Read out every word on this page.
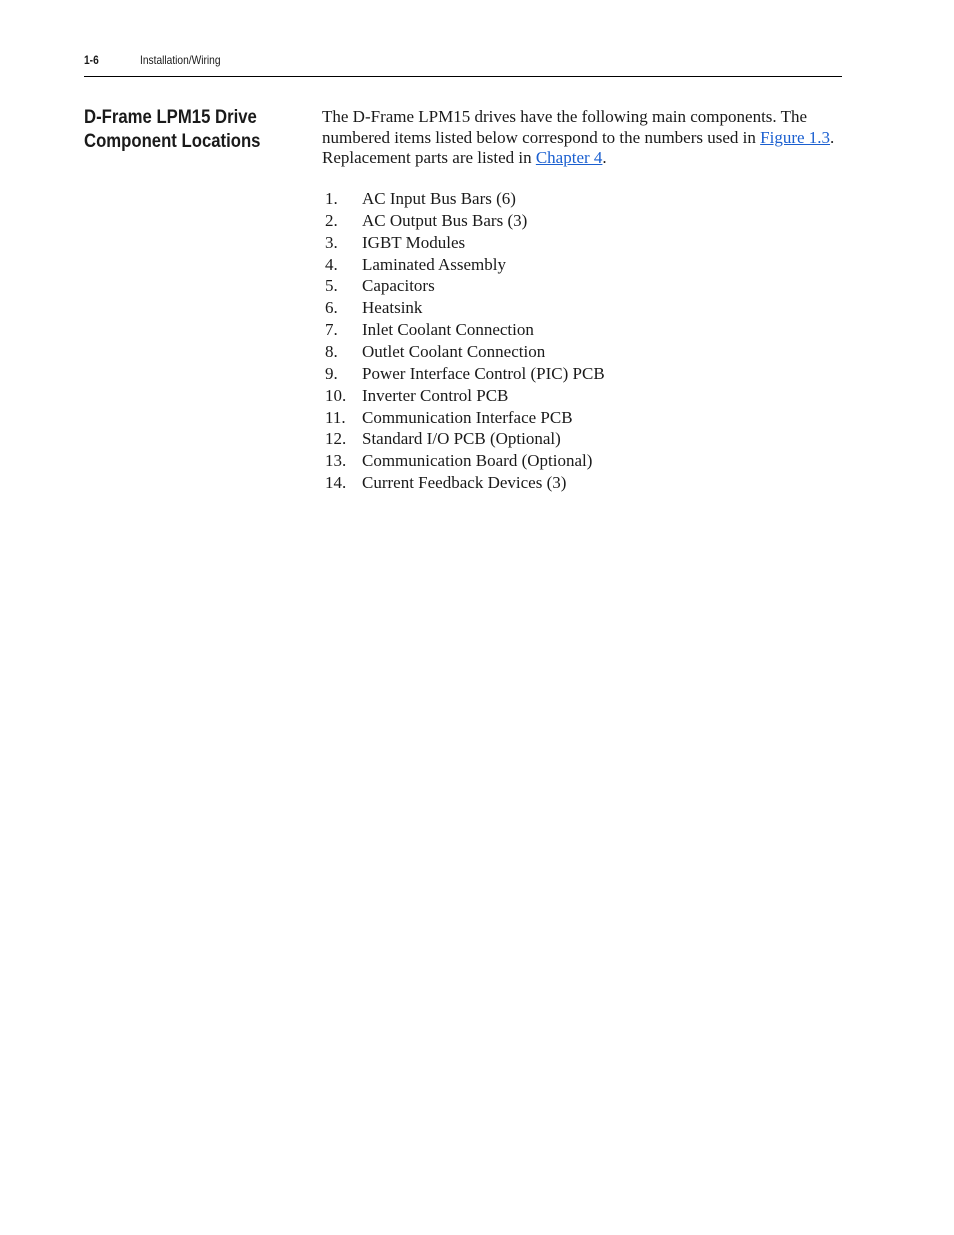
1-6	Installation/Wiring
D-Frame LPM15 Drive
Component Locations

The D-Frame LPM15 drives have the following main components. The

numbered items listed below correspond to the numbers used in Figure 1.3.

Replacement parts are listed in Chapter 4.

1.	AC Input Bus Bars (6)
2.	AC Output Bus Bars (3)
3.	IGBT Modules
4.	Laminated Assembly
5.	Capacitors
6.	Heatsink
7.	Inlet Coolant Connection
8.	Outlet Coolant Connection
9.	Power Interface Control (PIC) PCB
10. Inverter Control PCB
11. Communication Interface PCB
12. Standard I/O PCB (Optional)
13. Communication Board (Optional)
14. Current Feedback Devices (3)
